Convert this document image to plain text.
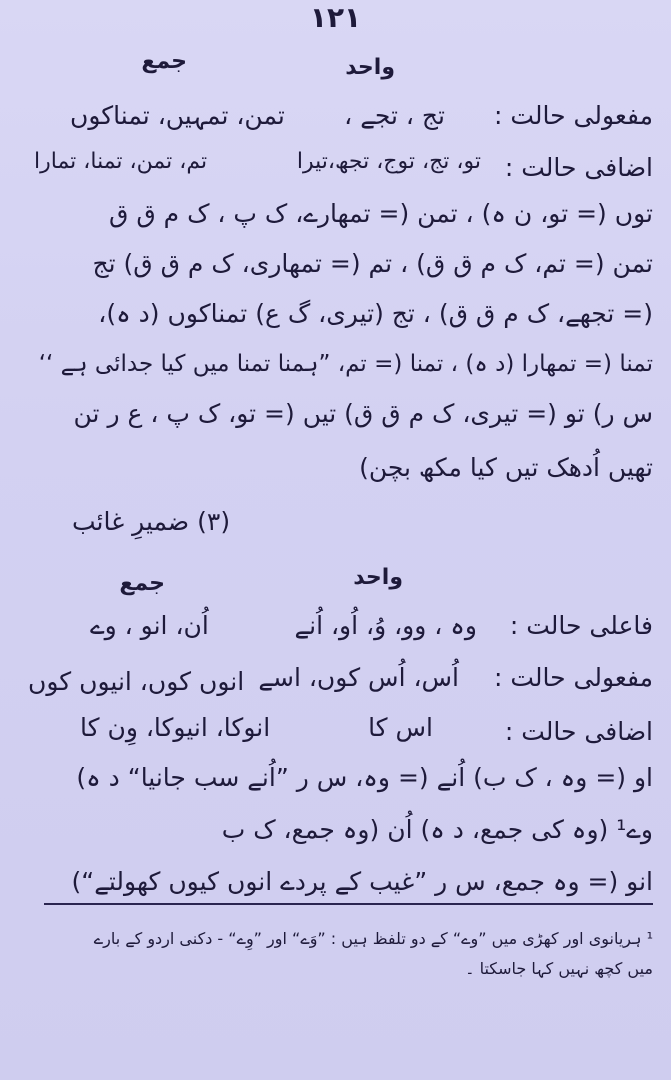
۱۲۱
واحد
جمع
مفعولی حالت :
تج ، تجے ،
تمن، تمہیں، تمناکوں
اضافی حالت :
تو، تج، توج، تجھ،تیرا
تم، تمن، تمنا، تمارا
توں (= تو، ن ہ) ، تمن (= تمھارے، ک پ ، ک م ق ق
تمن (= تم، ک م ق ق) ، تم (= تمھاری، ک م ق ق) تج
(= تجھے، ک م ق ق) ، تج (تیری، گ ع) تمناکوں (د ہ)،
تمنا (= تمھارا (د ہ) ، تمنا (= تم، ”ہمنا تمنا میں کیا جدائی ہے ‘‘
س ر) تو (= تیری، ک م ق ق) تیں (= تو، ک پ ، ع ر تن
تھیں اُدھک تیں کیا مکھ بچن)
(۳) ضمیرِ غائب
واحد
جمع
فاعلی حالت :
وہ ، وو، وُ، اُو، اُنے
اُن، انو ، وے
مفعولی حالت :
اُس، اُس کوں، اسے
انوں کوں، انیوں کوں
اضافی حالت :
اس کا
انوکا، انیوکا، وِن کا
او (= وہ ، ک ب) اُنے (= وہ، س ر ”اُنے سب جانیا“ د ہ)
وے¹ (وہ کی جمع، د ہ) اُن (وہ جمع، ک ب
انو (= وہ جمع، س ر ”غیب کے پردے انوں کیوں کھولتے“)
¹ ہریانوی اور کھڑی میں ”وے“ کے دو تلفظ ہیں : ”وَے“ اور ”وِے“ - دکنی اردو کے بارے
میں کچھ نہیں کہا جاسکتا ۔
